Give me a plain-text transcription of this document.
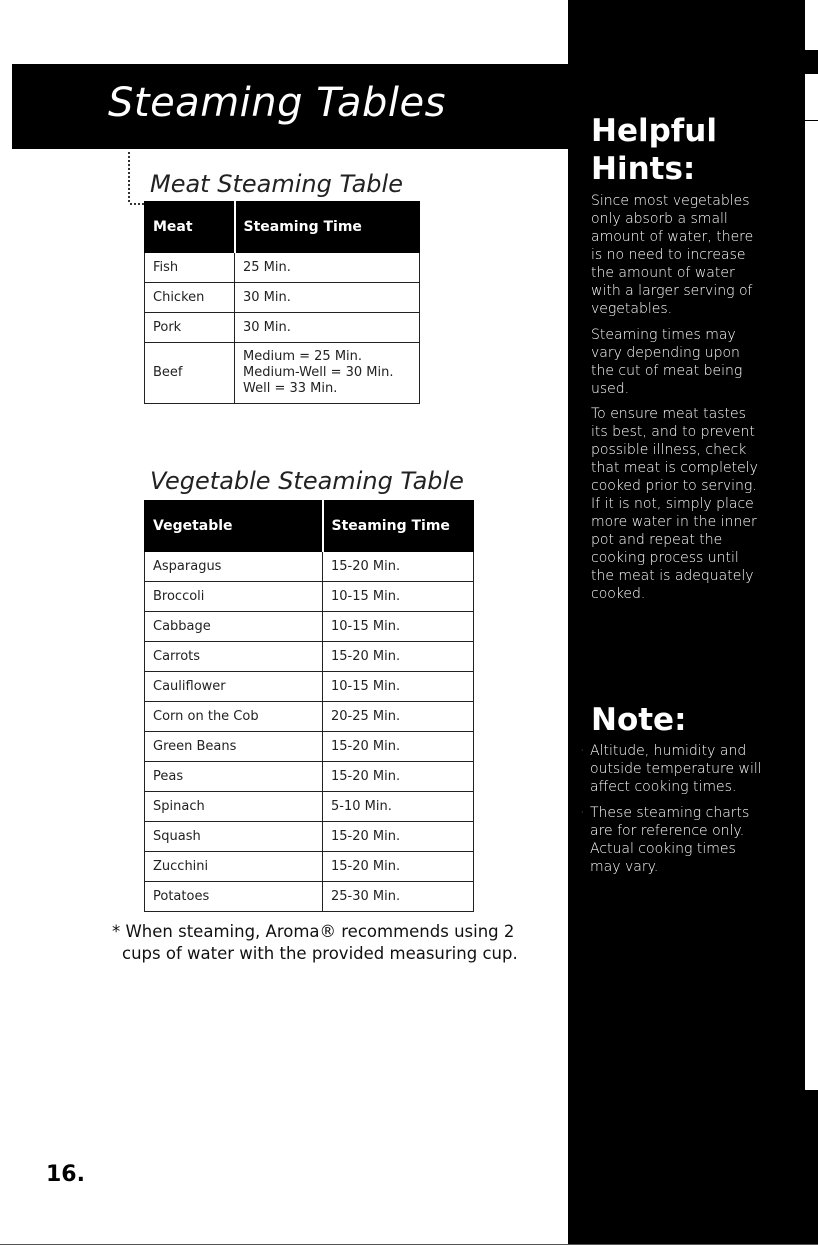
Steaming Tables
Meat Steaming Table
Meat	Steaming Time
Fish	25 Min.
Chicken	30 Min.
Pork	30 Min.
Beef	Medium = 25 Min.
Medium-Well = 30 Min.
Well = 33 Min.
Vegetable Steaming Table
Vegetable	Steaming Time
Asparagus	15-20 Min.
Broccoli	10-15 Min.
Cabbage	10-15 Min.
Carrots	15-20 Min.
Cauliflower	10-15 Min.
Corn on the Cob	20-25 Min.
Green Beans	15-20 Min.
Peas	15-20 Min.
Spinach	5-10 Min.
Squash	15-20 Min.
Zucchini	15-20 Min.
Potatoes	25-30 Min.
* When steaming, Aroma® recommends using 2
cups of water with the provided measuring cup.
16.
Helpful
Hints:
Since most vegetables only absorb a small amount of water, there is no need to increase the amount of water with a larger serving of vegetables.
Steaming times may vary depending upon the cut of meat being used.
To ensure meat tastes its best, and to prevent possible illness, check that meat is completely cooked prior to serving. If it is not, simply place more water in the inner pot and repeat the cooking process until the meat is adequately cooked.
Note:
· Altitude, humidity and outside temperature will affect cooking times.
· These steaming charts are for reference only. Actual cooking times may vary.
